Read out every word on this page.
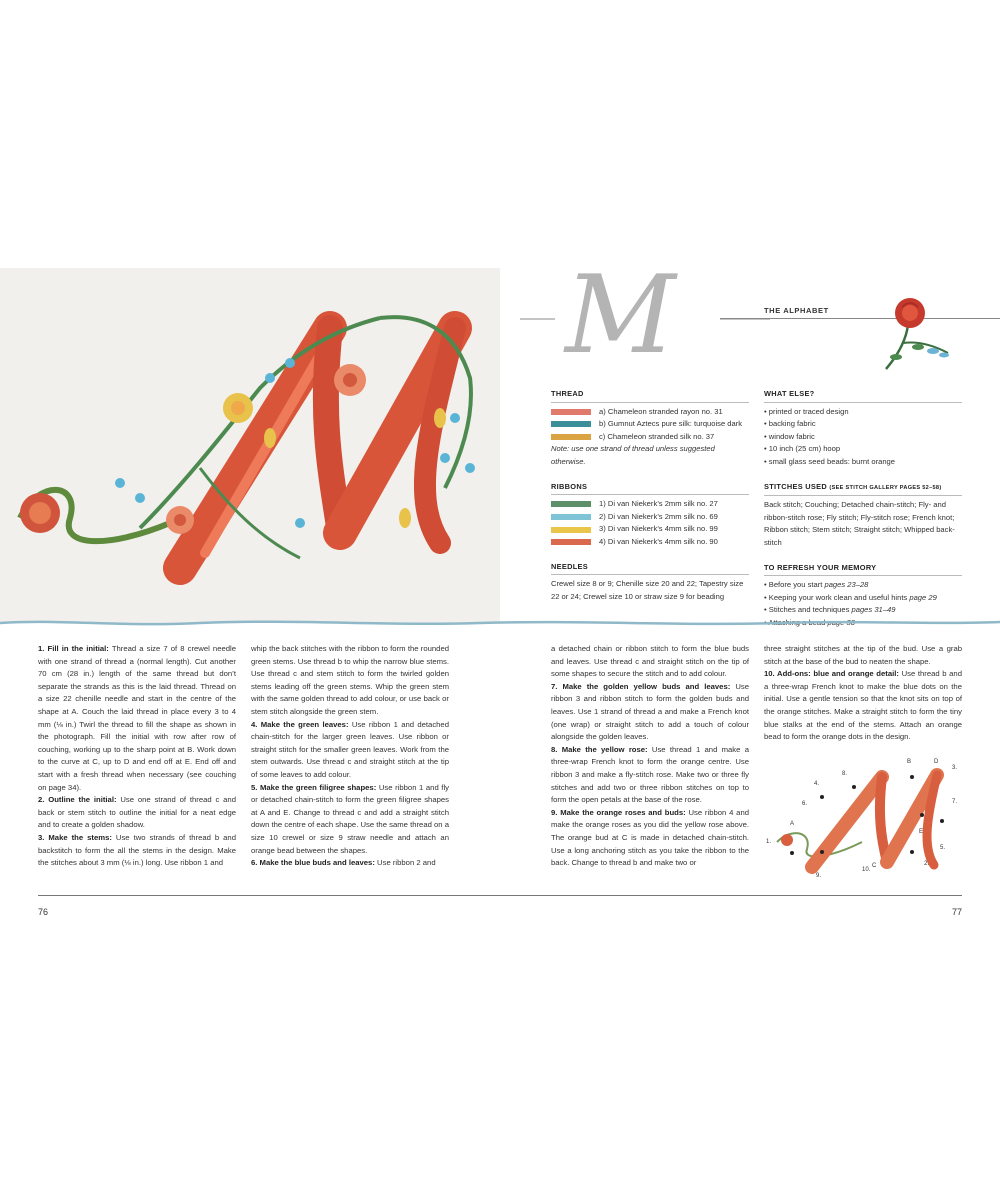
M	THE ALPHABET
THREAD
a) Chameleon stranded rayon no. 31
b) Gumnut Aztecs pure silk: turquoise dark
c) Chameleon stranded silk no. 37
Note: use one strand of thread unless suggested otherwise.
RIBBONS
1) Di van Niekerk’s 2mm silk no. 27
2) Di van Niekerk’s 2mm silk no. 69
3) Di van Niekerk’s 4mm silk no. 99
4) Di van Niekerk’s 4mm silk no. 90
NEEDLES
Crewel size 8 or 9; Chenille size 20 and 22; Tapestry size 22 or 24; Crewel size 10 or straw size 9 for beading
WHAT ELSE?
• printed or traced design
• backing fabric
• window fabric
• 10 inch (25 cm) hoop
• small glass seed beads: burnt orange
STITCHES USED (SEE STITCH GALLERY PAGES 52–58)
Back stitch; Couching; Detached chain-stitch; Fly- and ribbon-stitch rose; Fly stitch; Fly-stitch rose; French knot; Ribbon stitch; Stem stitch; Straight stitch; Whipped back-stitch
TO REFRESH YOUR MEMORY
• Before you start pages 23–28
• Keeping your work clean and useful hints page 29
• Stitches and techniques pages 31–49
• Attaching a bead page 38

1. Fill in the initial: Thread a size 7 of 8 crewel needle with one strand of thread a (normal length). Cut another 70 cm (28 in.) length of the same thread but don’t separate the strands as this is the laid thread. Thread on a size 22 chenille needle and start in the centre of the shape at A. Couch the laid thread in place every 3 to 4 mm (⅛ in.) Twirl the thread to fill the shape as shown in the photograph. Fill the initial with row after row of couching, working up to the sharp point at B. Work down to the curve at C, up to D and end off at E. End off and start with a fresh thread when necessary (see couching on page 34).

2. Outline the initial: Use one strand of thread c and back or stem stitch to outline the initial for a neat edge and to create a golden shadow.

3. Make the stems: Use two strands of thread b and backstitch to form the all the stems in the design. Make the stitches about 3 mm (⅛ in.) long. Use ribbon 1 and

whip the back stitches with the ribbon to form the rounded green stems. Use thread b to whip the narrow blue stems. Use thread c and stem stitch to form the twirled golden stems leading off the green stems. Whip the green stem with the same golden thread to add colour, or use back or stem stitch alongside the green stem.

4. Make the green leaves: Use ribbon 1 and detached chain-stitch for the larger green leaves. Use ribbon or straight stitch for the smaller green leaves. Work from the stem outwards. Use thread c and straight stitch at the tip of some leaves to add colour.

5. Make the green filigree shapes: Use ribbon 1 and fly or detached chain-stitch to form the green filigree shapes at A and E. Change to thread c and add a straight stitch down the centre of each shape. Use the same thread on a size 10 crewel or size 9 straw needle and attach an orange bead between the shapes.

6. Make the blue buds and leaves: Use ribbon 2 and

a detached chain or ribbon stitch to form the blue buds and leaves. Use thread c and straight stitch on the tip of some shapes to secure the stitch and to add colour.

7. Make the golden yellow buds and leaves: Use ribbon 3 and ribbon stitch to form the golden buds and leaves. Use 1 strand of thread a and make a French knot (one wrap) or straight stitch to add a touch of colour alongside the golden leaves.

8. Make the yellow rose: Use thread 1 and make a three-wrap French knot to form the orange centre. Use ribbon 3 and make a fly-stitch rose. Make two or three fly stitches and add two or three ribbon stitches on top to form the open petals at the base of the rose.

9. Make the orange roses and buds: Use ribbon 4 and make the orange roses as you did the yellow rose above. The orange bud at C is made in detached chain-stitch. Use a long anchoring stitch as you take the ribbon to the back. Change to thread b and make two or

three straight stitches at the tip of the bud. Use a grab stitch at the base of the bud to neaten the shape.

10. Add-ons: blue and orange detail: Use thread b and a three-wrap French knot to make the blue dots on the initial. Use a gentle tension so that the knot sits on top of the orange stitches. Make a straight stitch to form the tiny blue stalks at the end of the stems. Attach an orange bead to form the orange dots in the design.

A
B
C
D
E
1.
2.
3.
4.
5.
6.	7.
8.
9.
10.
76	77
